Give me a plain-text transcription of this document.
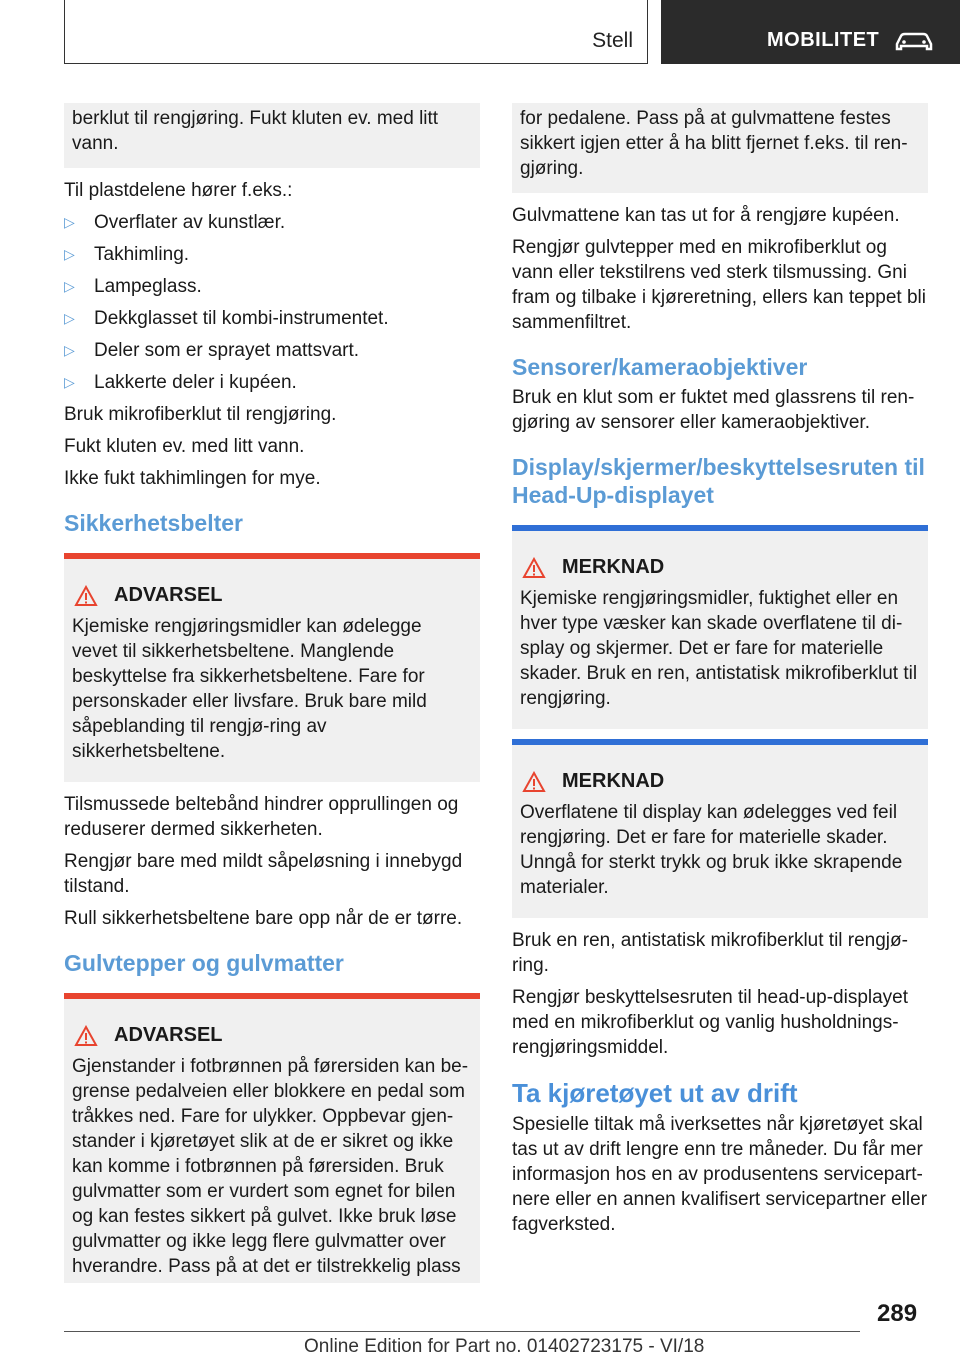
Stell	MOBILITET

berklut til rengjøring. Fukt kluten ev. med litt vann.

Til plastdelene hører f.eks.:

▷ Overflater av kunstlær.
▷ Takhimling.
▷ Lampeglass.
▷ Dekkglasset til kombi-instrumentet.
▷ Deler som er sprayet mattsvart.
▷ Lakkerte deler i kupéen.

Bruk mikrofiberklut til rengjøring.

Fukt kluten ev. med litt vann.

Ikke fukt takhimlingen for mye.

Sikkerhetsbelter
ADVARSEL

Kjemiske rengjøringsmidler kan ødelegge vevet til sikkerhetsbeltene. Manglende beskyttelse fra sikkerhetsbeltene. Fare for personskader eller livsfare. Bruk bare mild såpeblanding til rengjø-ring av sikkerhetsbeltene.

Tilsmussede beltebånd hindrer opprullingen og reduserer dermed sikkerheten.

Rengjør bare med mildt såpeløsning i innebygd tilstand.

Rull sikkerhetsbeltene bare opp når de er tørre.

Gulvtepper og gulvmatter
ADVARSEL

Gjenstander i fotbrønnen på førersiden kan be-grense pedalveien eller blokkere en pedal som tråkkes ned. Fare for ulykker. Oppbevar gjen-stander i kjøretøyet slik at de er sikret og ikke kan komme i fotbrønnen på førersiden. Bruk gulvmatter som er vurdert som egnet for bilen og kan festes sikkert på gulvet. Ikke bruk løse gulvmatter og ikke legg flere gulvmatter over hverandre. Pass på at det er tilstrekkelig plass

for pedalene. Pass på at gulvmattene festes sikkert igjen etter å ha blitt fjernet f.eks. til ren-gjøring.

Gulvmattene kan tas ut for å rengjøre kupéen.

Rengjør gulvtepper med en mikrofiberklut og vann eller tekstilrens ved sterk tilsmussing. Gni fram og tilbake i kjøreretning, ellers kan teppet bli sammenfiltret.

Sensorer/kameraobjektiver

Bruk en klut som er fuktet med glassrens til ren-gjøring av sensorer eller kameraobjektiver.

Display/skjermer/beskyttelsesruten til Head-Up-displayet
MERKNAD

Kjemiske rengjøringsmidler, fuktighet eller en hver type væsker kan skade overflatene til di-splay og skjermer. Det er fare for materielle skader. Bruk en ren, antistatisk mikrofiberklut til rengjøring.

MERKNAD

Overflatene til display kan ødelegges ved feil rengjøring. Det er fare for materielle skader. Unngå for sterkt trykk og bruk ikke skrapende materialer.

Bruk en ren, antistatisk mikrofiberklut til rengjø-ring.

Rengjør beskyttelsesruten til head-up-displayet med en mikrofiberklut og vanlig husholdnings-rengjøringsmiddel.

Ta kjøretøyet ut av drift

Spesielle tiltak må iverksettes når kjøretøyet skal tas ut av drift lengre enn tre måneder. Du får mer informasjon hos en av produsentens servicepart-nere eller en annen kvalifisert servicepartner eller fagverksted.

289
Online Edition for Part no. 01402723175 - VI/18
